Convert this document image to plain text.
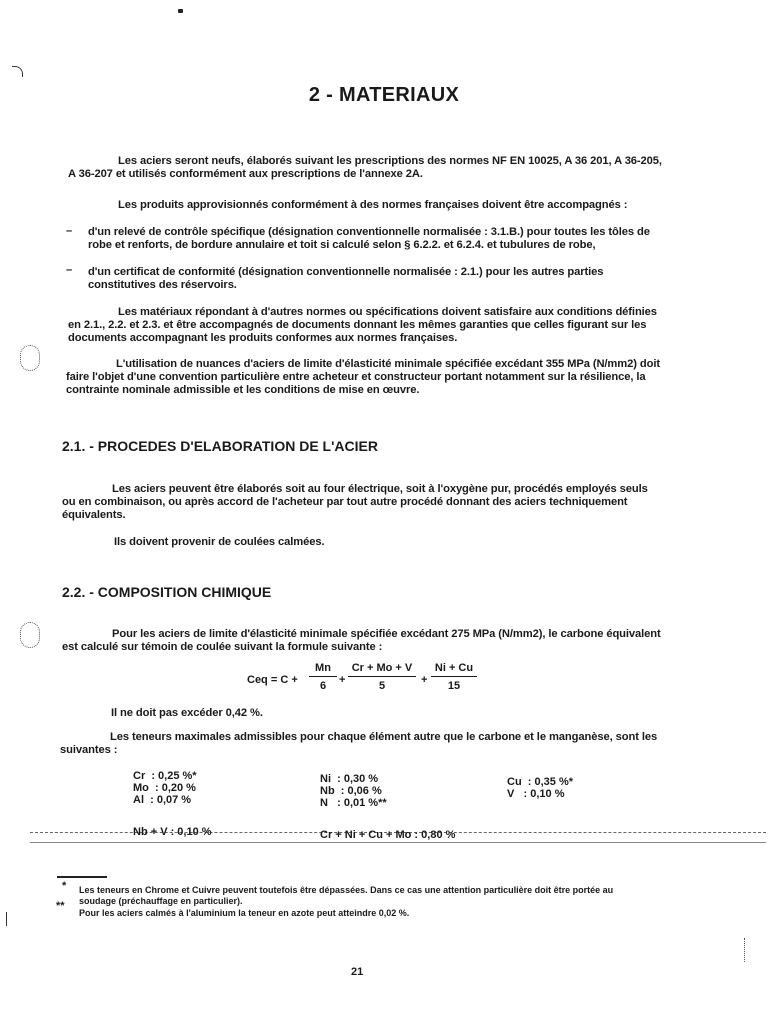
2 - MATERIAUX
Les aciers seront neufs, élaborés suivant les prescriptions des normes NF EN 10025, A 36 201, A 36-205, A 36-207 et utilisés conformément aux prescriptions de l'annexe 2A.
Les produits approvisionnés conformément à des normes françaises doivent être accompagnés :
– d'un relevé de contrôle spécifique (désignation conventionnelle normalisée : 3.1.B.) pour toutes les tôles de robe et renforts, de bordure annulaire et toit si calculé selon § 6.2.2. et 6.2.4. et tubulures de robe,
– d'un certificat de conformité (désignation conventionnelle normalisée : 2.1.) pour les autres parties constitutives des réservoirs.
Les matériaux répondant à d'autres normes ou spécifications doivent satisfaire aux conditions définies en 2.1., 2.2. et 2.3. et être accompagnés de documents donnant les mêmes garanties que celles figurant sur les documents accompagnant les produits conformes aux normes françaises.
L'utilisation de nuances d'aciers de limite d'élasticité minimale spécifiée excédant 355 MPa (N/mm2) doit faire l'objet d'une convention particulière entre acheteur et constructeur portant notamment sur la résilience, la contrainte nominale admissible et les conditions de mise en œuvre.
2.1. - PROCEDES D'ELABORATION DE L'ACIER
Les aciers peuvent être élaborés soit au four électrique, soit à l'oxygène pur, procédés employés seuls ou en combinaison, ou après accord de l'acheteur par tout autre procédé donnant des aciers techniquement équivalents.
Ils doivent provenir de coulées calmées.
2.2. - COMPOSITION CHIMIQUE
Pour les aciers de limite d'élasticité minimale spécifiée excédant 275 MPa (N/mm2), le carbone équivalent est calculé sur témoin de coulée suivant la formule suivante :
Ceq = $C + \frac{Mn}{6} + \frac{Cr + Mo + V}{5} + \frac{Ni + Cu}{15}$
Il ne doit pas excéder 0,42 %.
Les teneurs maximales admissibles pour chaque élément autre que le carbone et le manganèse, sont les suivantes :
Cr  : 0,25 %*
Mo  : 0,20 %
Al  : 0,07 %
Ni  : 0,30 %
Nb  : 0,06 %
N   : 0,01 %**
Cu  : 0,35 %*
V   : 0,10 %
Nb + V : 0,10 %	Cr + Ni + Cu + Mo : 0,80 %
* Les teneurs en Chrome et Cuivre peuvent toutefois être dépassées. Dans ce cas une attention particulière doit être portée au soudage (préchauffage en particulier).
**
Pour les aciers calmés à l'aluminium la teneur en azote peut atteindre 0,02 %.
21
